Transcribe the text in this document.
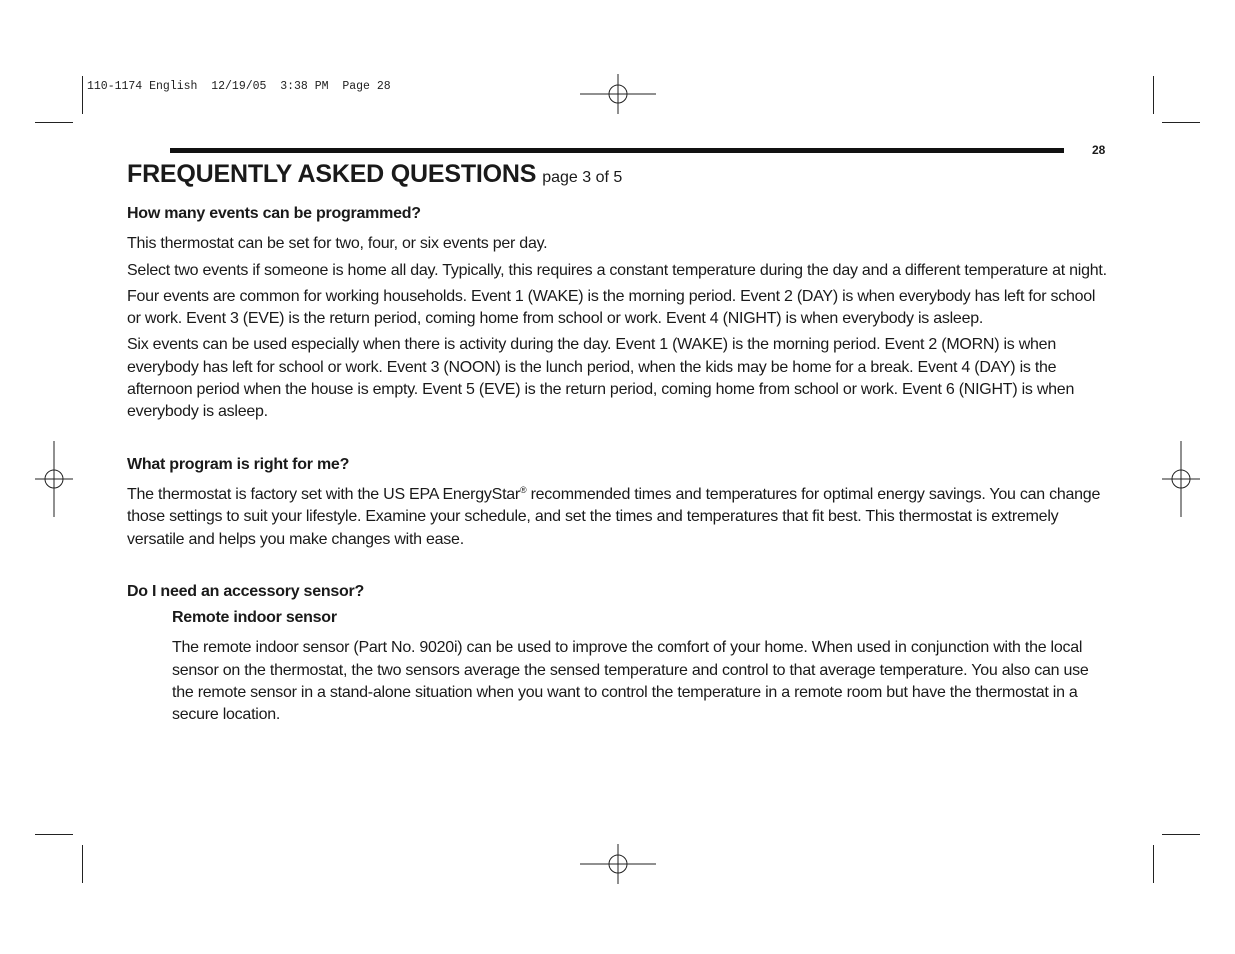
110-1174 English  12/19/05  3:38 PM  Page 28
28
FREQUENTLY ASKED QUESTIONS page 3 of 5

How many events can be programmed?

This thermostat can be set for two, four, or six events per day.

Select two events if someone is home all day. Typically, this requires a constant temperature during the day and a different temperature at night.

Four events are common for working households. Event 1 (WAKE) is the morning period. Event 2 (DAY) is when everybody has left for school or work. Event 3 (EVE) is the return period, coming home from school or work. Event 4 (NIGHT) is when everybody is asleep.

Six events can be used especially when there is activity during the day. Event 1 (WAKE) is the morning period. Event 2 (MORN) is when everybody has left for school or work. Event 3 (NOON) is the lunch period, when the kids may be home for a break. Event 4 (DAY) is the afternoon period when the house is empty. Event 5 (EVE) is the return period, coming home from school or work. Event 6 (NIGHT) is when everybody is asleep.

What program is right for me?

The thermostat is factory set with the US EPA EnergyStar® recommended times and temperatures for optimal energy savings. You can change those settings to suit your lifestyle. Examine your schedule, and set the times and temperatures that fit best. This thermostat is extremely versatile and helps you make changes with ease.

Do I need an accessory sensor?

Remote indoor sensor

The remote indoor sensor (Part No. 9020i) can be used to improve the comfort of your home. When used in conjunction with the local sensor on the thermostat, the two sensors average the sensed temperature and control to that average temperature. You also can use the remote sensor in a stand-alone situation when you want to control the temperature in a remote room but have the thermostat in a secure location.
